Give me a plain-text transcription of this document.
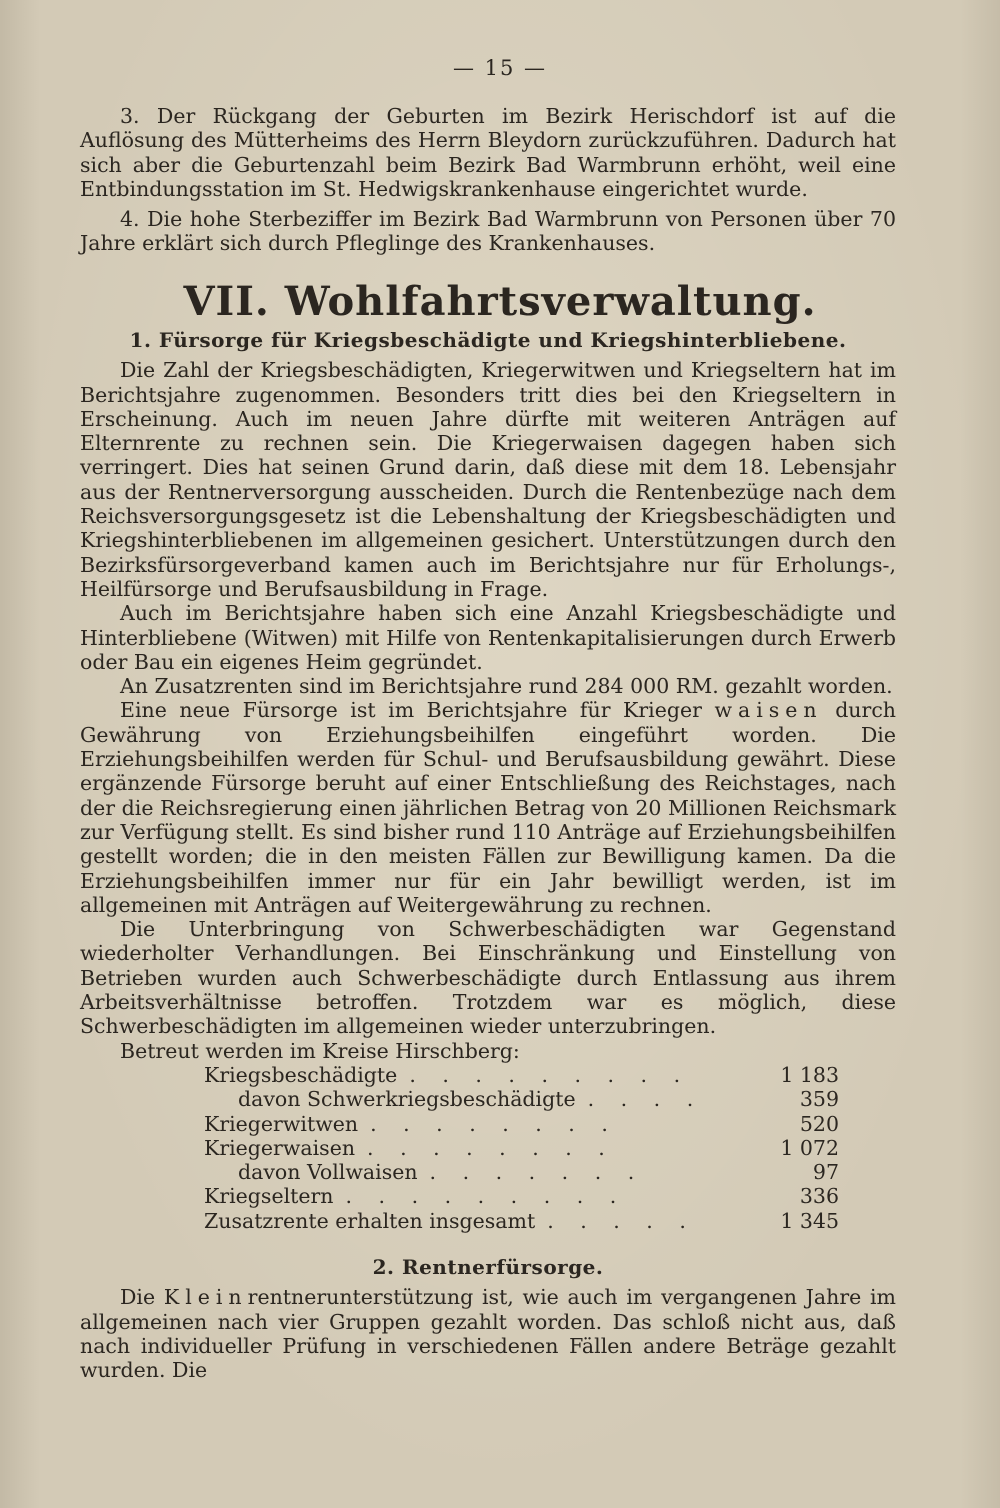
— 15 —

3. Der Rückgang der Geburten im Bezirk Herischdorf ist auf die Auflösung des Mütterheims des Herrn Bleydorn zurückzuführen. Dadurch hat sich aber die Geburtenzahl beim Bezirk Bad Warmbrunn erhöht, weil eine Entbindungsstation im St. Hedwigskrankenhause eingerichtet wurde.

4. Die hohe Sterbeziffer im Bezirk Bad Warmbrunn von Personen über 70 Jahre erklärt sich durch Pfleglinge des Krankenhauses.

VII. Wohlfahrtsverwaltung.

1. Fürsorge für Kriegsbeschädigte und Kriegshinterbliebene.

Die Zahl der Kriegsbeschädigten, Kriegerwitwen und Kriegseltern hat im Berichtsjahre zugenommen. Besonders tritt dies bei den Kriegseltern in Erscheinung. Auch im neuen Jahre dürfte mit weiteren Anträgen auf Elternrente zu rechnen sein. Die Kriegerwaisen dagegen haben sich verringert. Dies hat seinen Grund darin, daß diese mit dem 18. Lebensjahr aus der Rentnerversorgung ausscheiden. Durch die Rentenbezüge nach dem Reichsversorgungsgesetz ist die Lebenshaltung der Kriegsbeschädigten und Kriegshinterbliebenen im allgemeinen gesichert. Unterstützungen durch den Bezirksfürsorgeverband kamen auch im Berichtsjahre nur für Erholungs-, Heilfürsorge und Berufsausbildung in Frage.

Auch im Berichtsjahre haben sich eine Anzahl Kriegsbeschädigte und Hinterbliebene (Witwen) mit Hilfe von Rentenkapitalisierungen durch Erwerb oder Bau ein eigenes Heim gegründet.

An Zusatzrenten sind im Berichtsjahre rund 284 000 RM. gezahlt worden.

Eine neue Fürsorge ist im Berichtsjahre für Krieger waisen durch Gewährung von Erziehungsbeihilfen eingeführt worden. Die Erziehungsbeihilfen werden für Schul- und Berufsausbildung gewährt. Diese ergänzende Fürsorge beruht auf einer Entschließung des Reichstages, nach der die Reichsregierung einen jährlichen Betrag von 20 Millionen Reichsmark zur Verfügung stellt. Es sind bisher rund 110 Anträge auf Erziehungsbeihilfen gestellt worden; die in den meisten Fällen zur Bewilligung kamen. Da die Erziehungsbeihilfen immer nur für ein Jahr bewilligt werden, ist im allgemeinen mit Anträgen auf Weitergewährung zu rechnen.

Die Unterbringung von Schwerbeschädigten war Gegenstand wiederholter Verhandlungen. Bei Einschränkung und Einstellung von Betrieben wurden auch Schwerbeschädigte durch Entlassung aus ihrem Arbeitsverhältnisse betroffen. Trotzdem war es möglich, diese Schwerbeschädigten im allgemeinen wieder unterzubringen.

Betreut werden im Kreise Hirschberg:

Kriegsbeschädigte . . . . . . . . .	1 183
davon Schwerkriegsbeschädigte . . . .	359
Kriegerwitwen . . . . . . . .	520
Kriegerwaisen . . . . . . . .	1 072
davon Vollwaisen . . . . . . .	97
Kriegseltern . . . . . . . . .	336
Zusatzrente erhalten insgesamt . . . . .	1 345

2. Rentnerfürsorge.

Die Kleinrentnerunterstützung ist, wie auch im vergangenen Jahre im allgemeinen nach vier Gruppen gezahlt worden. Das schloß nicht aus, daß nach individueller Prüfung in verschiedenen Fällen andere Beträge gezahlt wurden. Die
